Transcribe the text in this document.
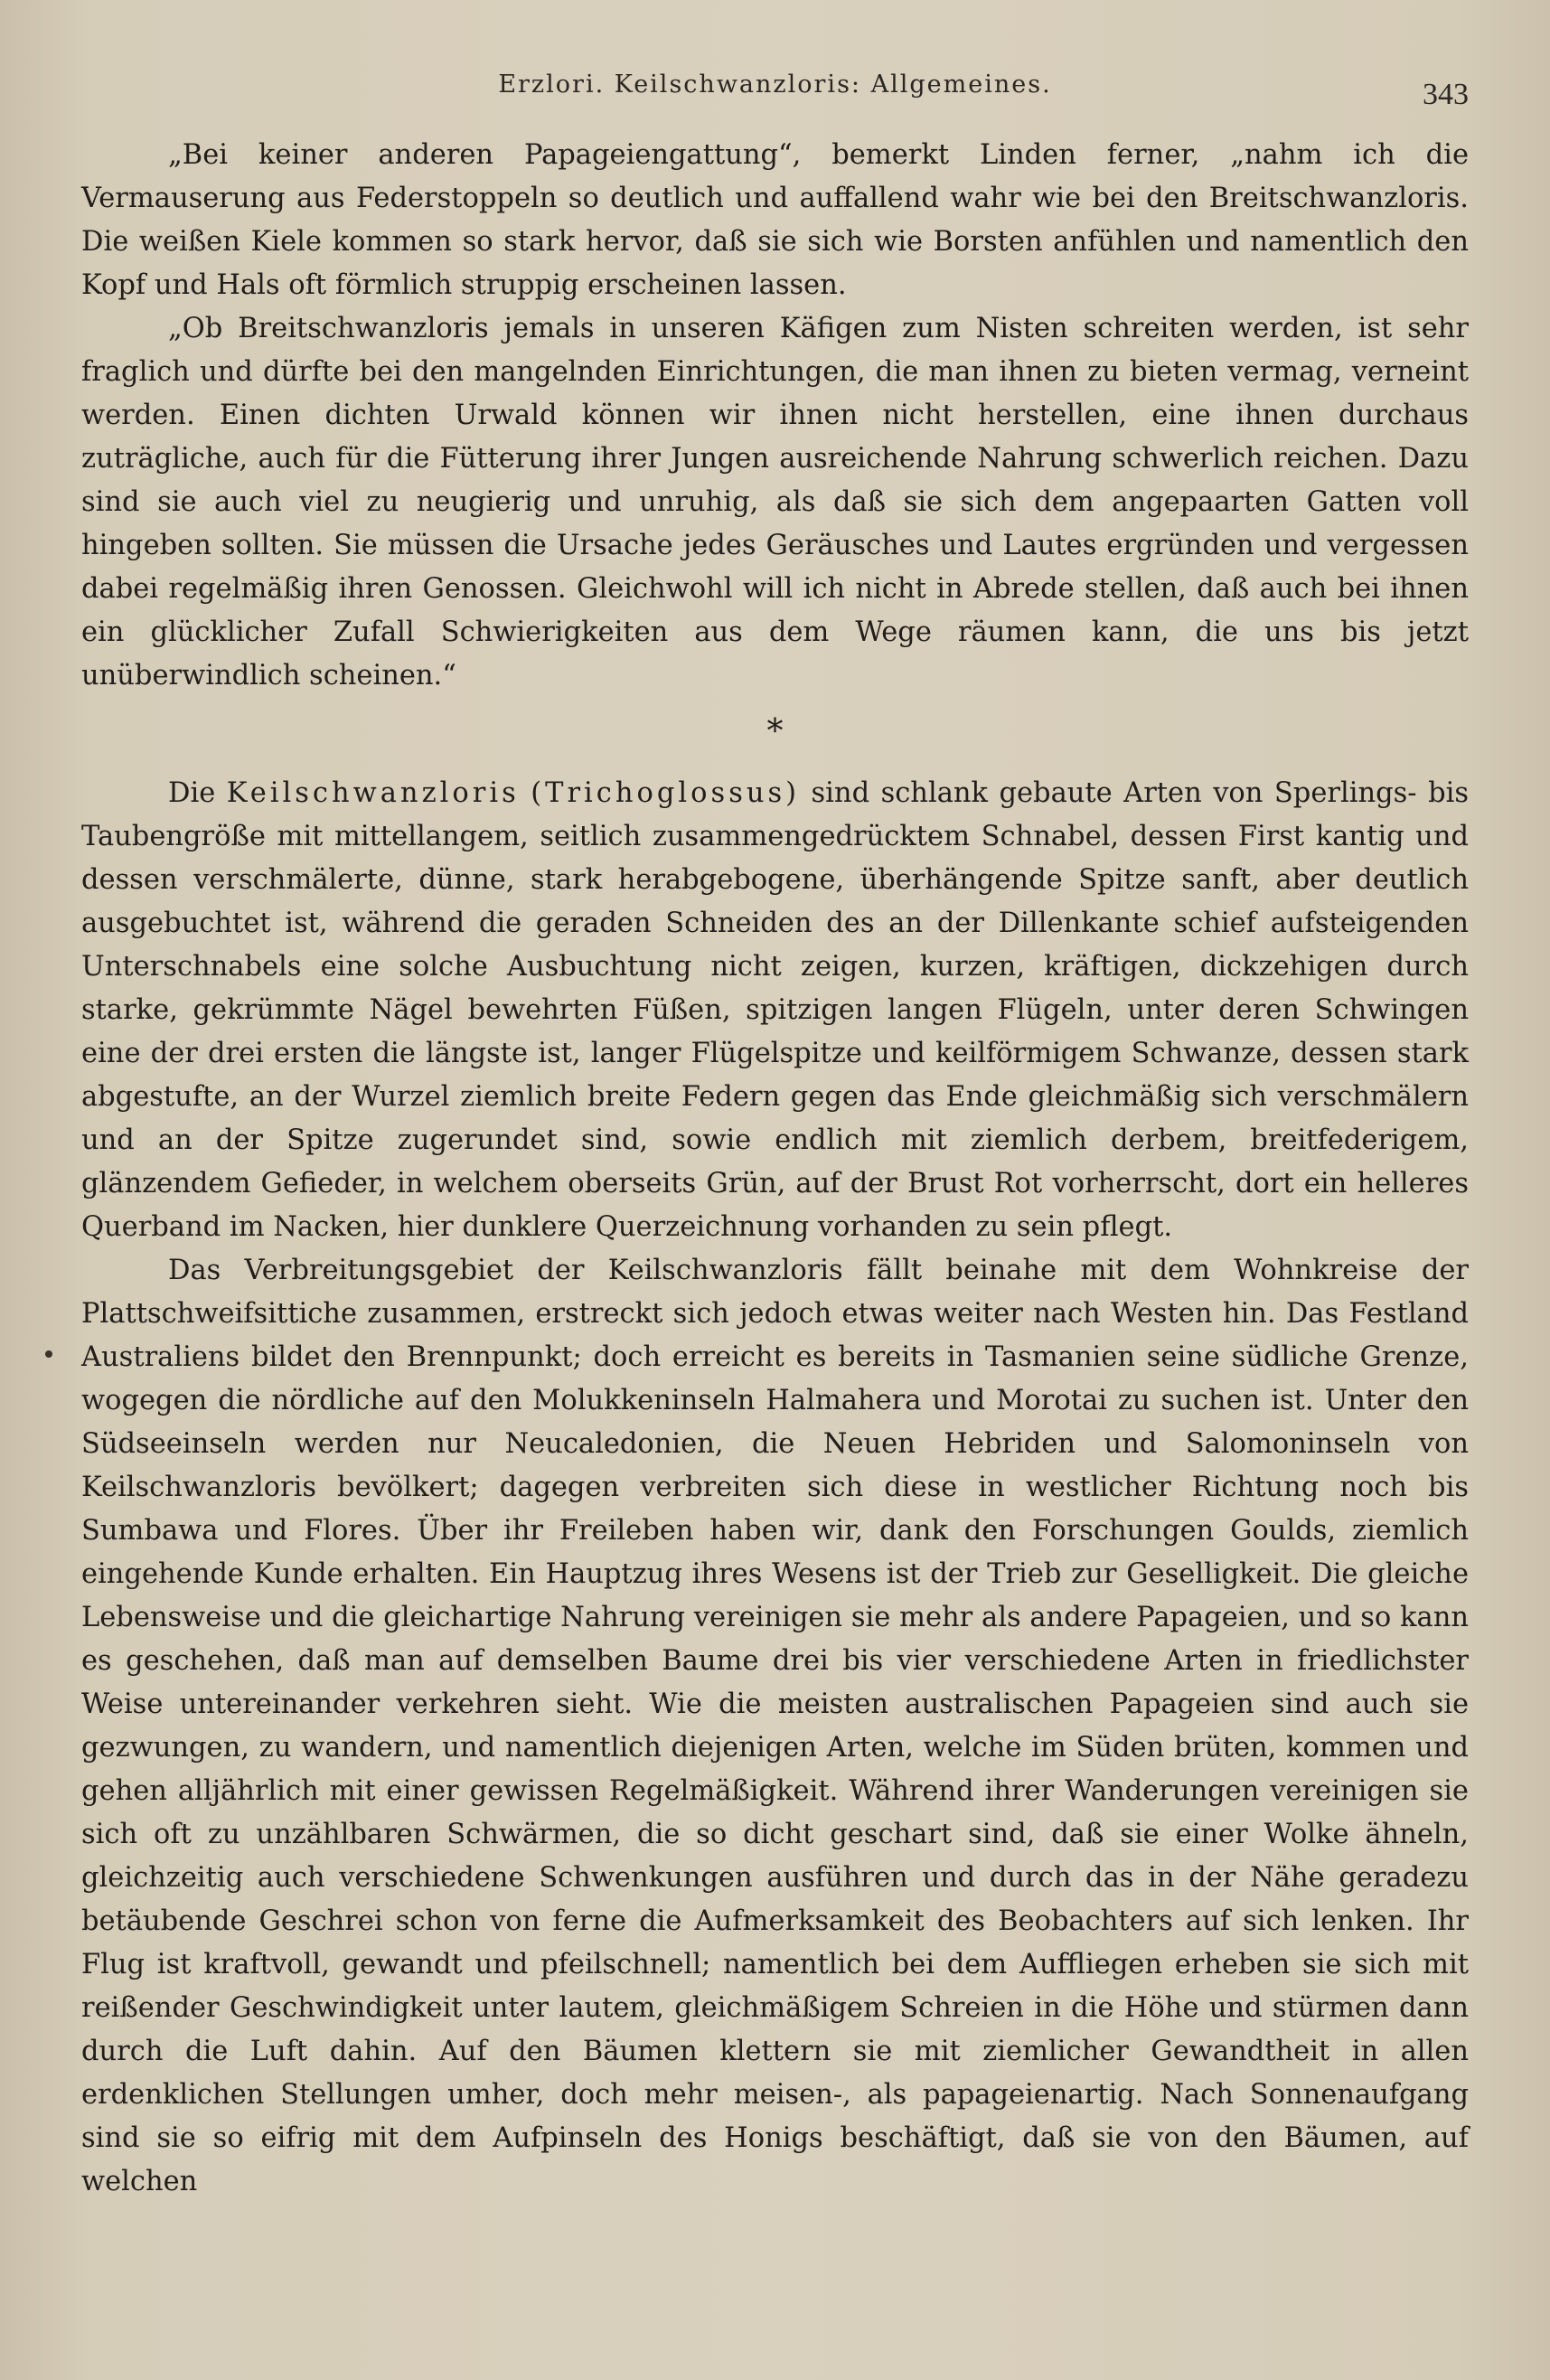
Erzlori. Keilschwanzloris: Allgemeines.	343

„Bei keiner anderen Papageiengattung“, bemerkt Linden ferner, „nahm ich die Vermauserung aus Federstoppeln so deutlich und auffallend wahr wie bei den Breitschwanzloris. Die weißen Kiele kommen so stark hervor, daß sie sich wie Borsten anfühlen und namentlich den Kopf und Hals oft förmlich struppig erscheinen lassen.

„Ob Breitschwanzloris jemals in unseren Käfigen zum Nisten schreiten werden, ist sehr fraglich und dürfte bei den mangelnden Einrichtungen, die man ihnen zu bieten vermag, verneint werden. Einen dichten Urwald können wir ihnen nicht herstellen, eine ihnen durchaus zuträgliche, auch für die Fütterung ihrer Jungen ausreichende Nahrung schwerlich reichen. Dazu sind sie auch viel zu neugierig und unruhig, als daß sie sich dem angepaarten Gatten voll hingeben sollten. Sie müssen die Ursache jedes Geräusches und Lautes ergründen und vergessen dabei regelmäßig ihren Genossen. Gleichwohl will ich nicht in Abrede stellen, daß auch bei ihnen ein glücklicher Zufall Schwierigkeiten aus dem Wege räumen kann, die uns bis jetzt unüberwindlich scheinen.“

*

Die Keilschwanzloris (Trichoglossus) sind schlank gebaute Arten von Sperlings- bis Taubengröße mit mittellangem, seitlich zusammengedrücktem Schnabel, dessen First kantig und dessen verschmälerte, dünne, stark herabgebogene, überhängende Spitze sanft, aber deutlich ausgebuchtet ist, während die geraden Schneiden des an der Dillenkante schief aufsteigenden Unterschnabels eine solche Ausbuchtung nicht zeigen, kurzen, kräftigen, dickzehigen durch starke, gekrümmte Nägel bewehrten Füßen, spitzigen langen Flügeln, unter deren Schwingen eine der drei ersten die längste ist, langer Flügelspitze und keilförmigem Schwanze, dessen stark abgestufte, an der Wurzel ziemlich breite Federn gegen das Ende gleichmäßig sich verschmälern und an der Spitze zugerundet sind, sowie endlich mit ziemlich derbem, breitfederigem, glänzendem Gefieder, in welchem oberseits Grün, auf der Brust Rot vorherrscht, dort ein helleres Querband im Nacken, hier dunklere Querzeichnung vorhanden zu sein pflegt.

Das Verbreitungsgebiet der Keilschwanzloris fällt beinahe mit dem Wohnkreise der Plattschweifsittiche zusammen, erstreckt sich jedoch etwas weiter nach Westen hin. Das Festland Australiens bildet den Brennpunkt; doch erreicht es bereits in Tasmanien seine südliche Grenze, wogegen die nördliche auf den Molukkeninseln Halmahera und Morotai zu suchen ist. Unter den Südseeinseln werden nur Neucaledonien, die Neuen Hebriden und Salomoninseln von Keilschwanzloris bevölkert; dagegen verbreiten sich diese in westlicher Richtung noch bis Sumbawa und Flores. Über ihr Freileben haben wir, dank den Forschungen Goulds, ziemlich eingehende Kunde erhalten. Ein Hauptzug ihres Wesens ist der Trieb zur Geselligkeit. Die gleiche Lebensweise und die gleichartige Nahrung vereinigen sie mehr als andere Papageien, und so kann es geschehen, daß man auf demselben Baume drei bis vier verschiedene Arten in friedlichster Weise untereinander verkehren sieht. Wie die meisten australischen Papageien sind auch sie gezwungen, zu wandern, und namentlich diejenigen Arten, welche im Süden brüten, kommen und gehen alljährlich mit einer gewissen Regelmäßigkeit. Während ihrer Wanderungen vereinigen sie sich oft zu unzählbaren Schwärmen, die so dicht geschart sind, daß sie einer Wolke ähneln, gleichzeitig auch verschiedene Schwenkungen ausführen und durch das in der Nähe geradezu betäubende Geschrei schon von ferne die Aufmerksamkeit des Beobachters auf sich lenken. Ihr Flug ist kraftvoll, gewandt und pfeilschnell; namentlich bei dem Auffliegen erheben sie sich mit reißender Geschwindigkeit unter lautem, gleichmäßigem Schreien in die Höhe und stürmen dann durch die Luft dahin. Auf den Bäumen klettern sie mit ziemlicher Gewandtheit in allen erdenklichen Stellungen umher, doch mehr meisen-, als papageienartig. Nach Sonnenaufgang sind sie so eifrig mit dem Aufpinseln des Honigs beschäftigt, daß sie von den Bäumen, auf welchen
